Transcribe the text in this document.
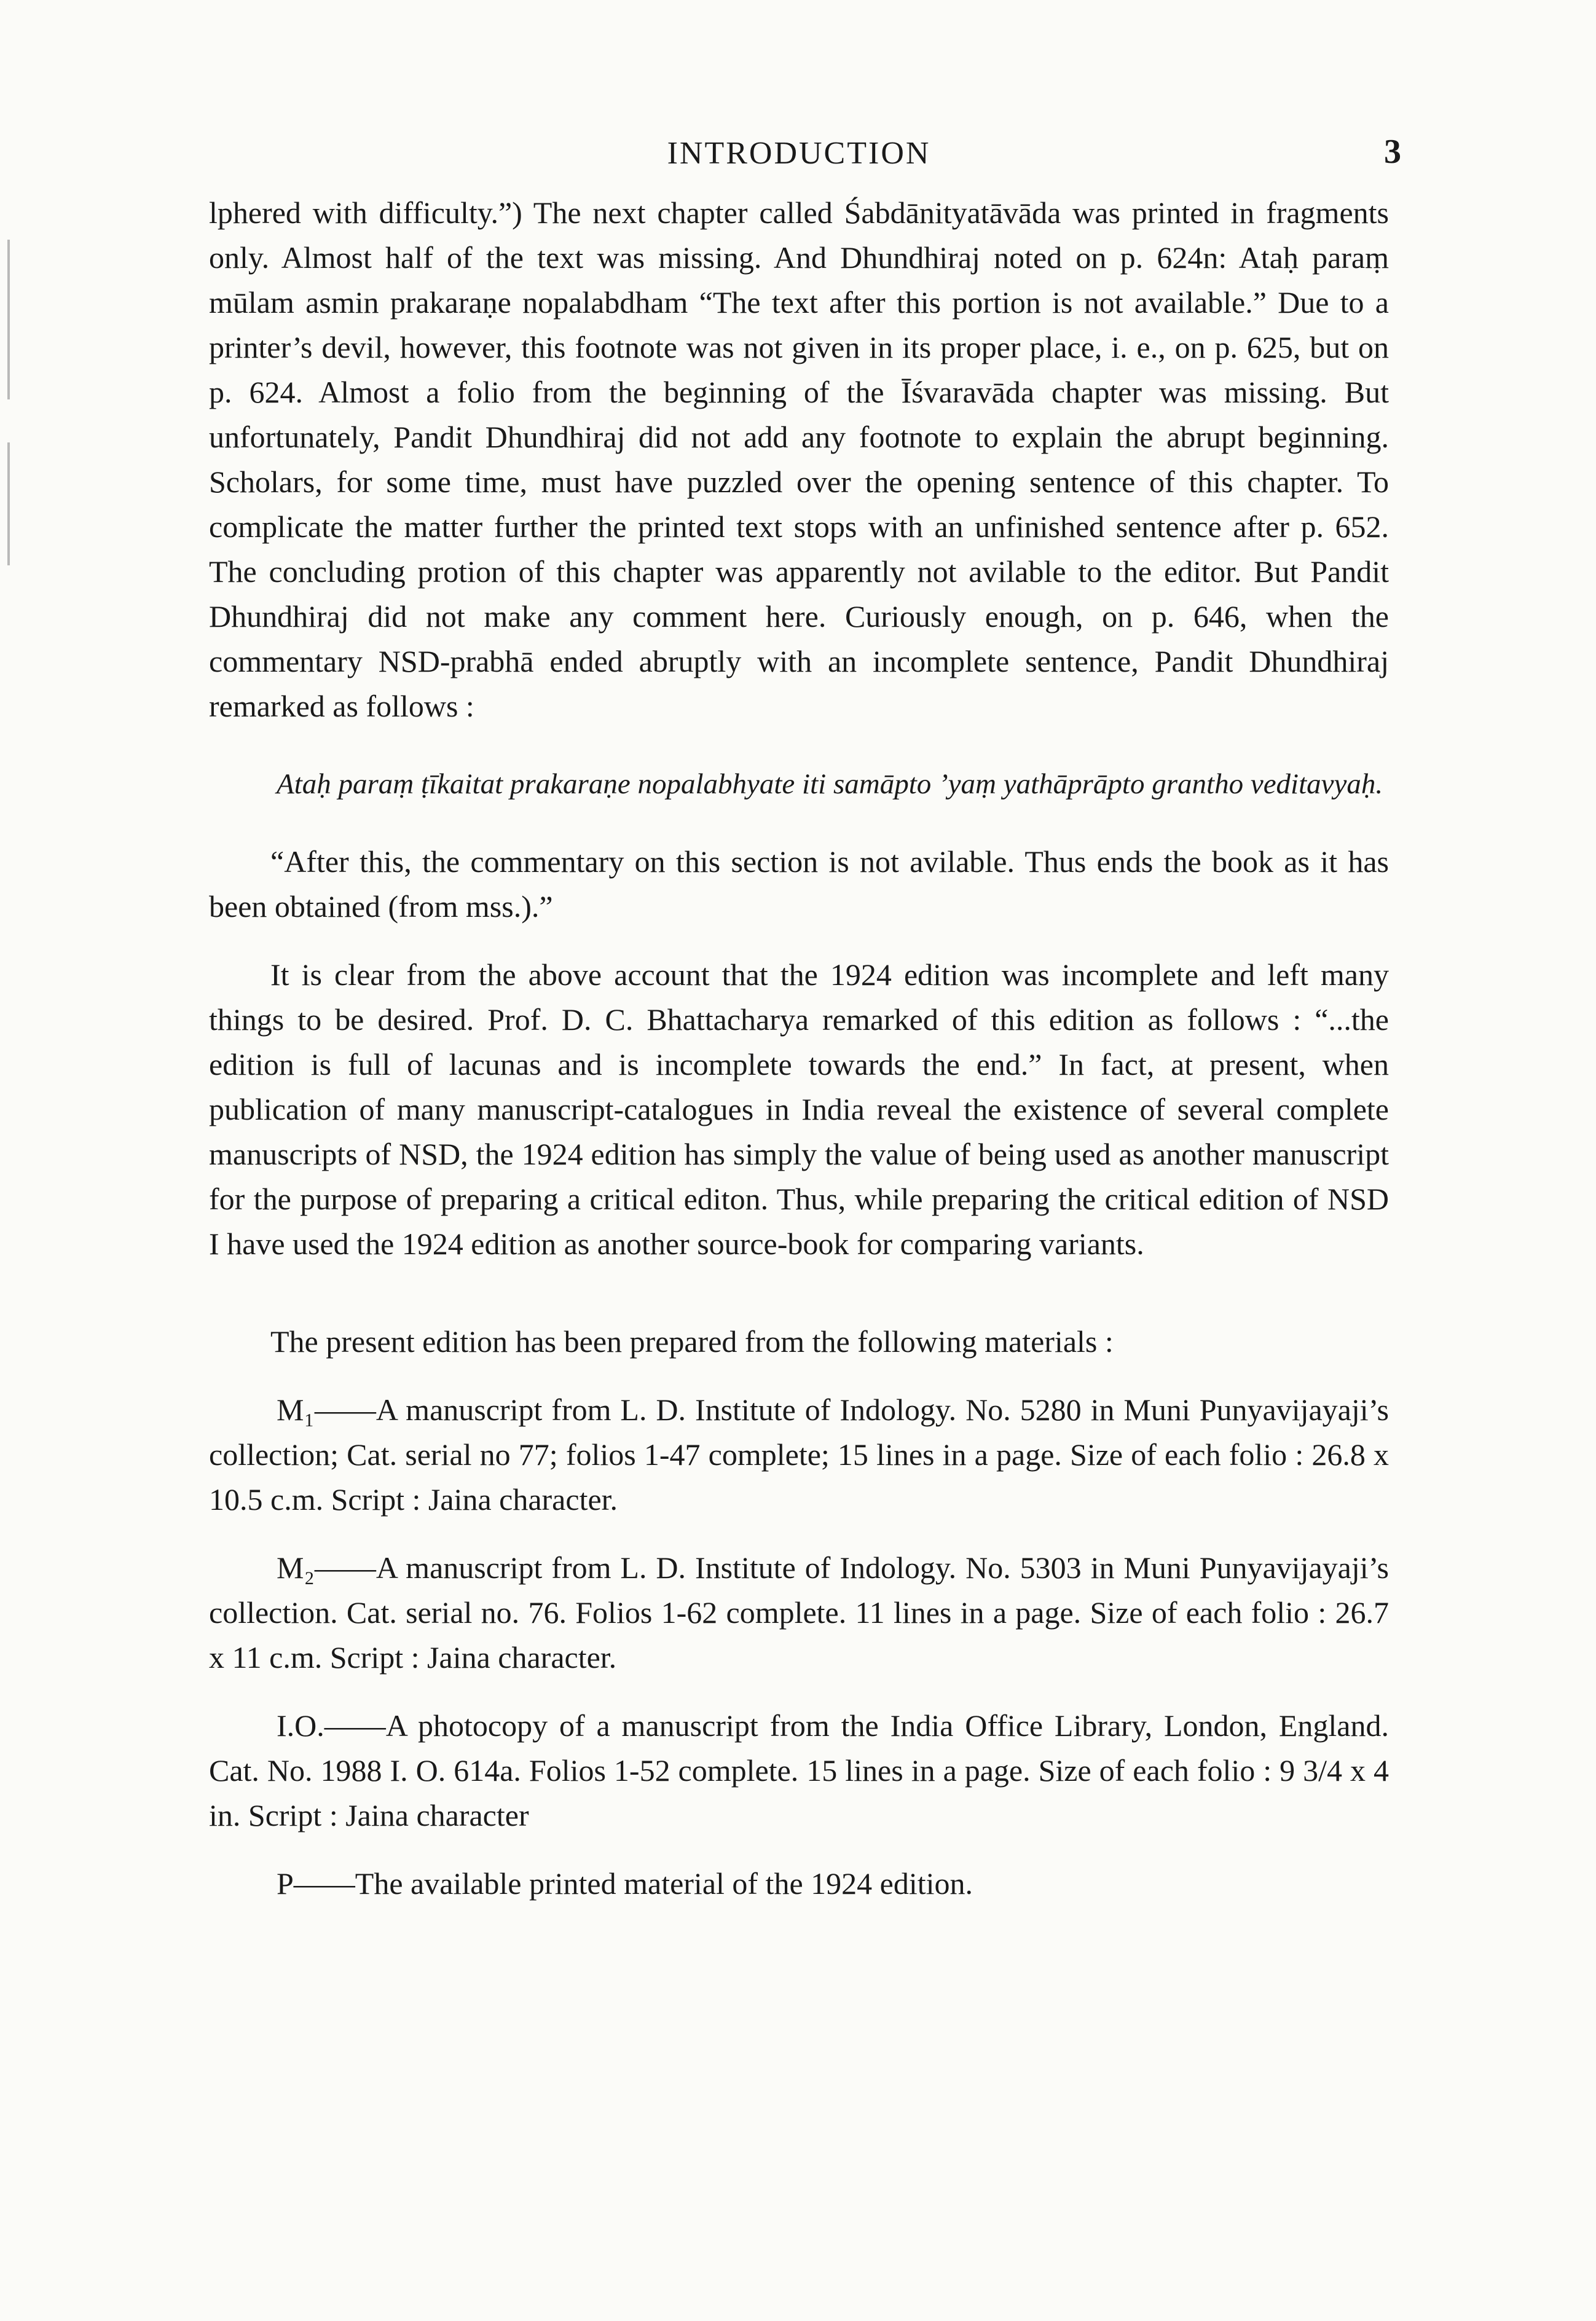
INTRODUCTION	3

lphered with difficulty.”) The next chapter called Śabdānityatāvāda was printed in fragments only. Almost half of the text was missing. And Dhundhiraj noted on p. 624n: Ataḥ paraṃ mūlam asmin prakaraṇe nopalabdham “The text after this portion is not available.” Due to a printer’s devil, however, this footnote was not given in its proper place, i. e., on p. 625, but on p. 624. Almost a folio from the beginning of the Īśvaravāda chapter was missing. But unfortunately, Pandit Dhundhiraj did not add any footnote to explain the abrupt beginning. Scholars, for some time, must have puzzled over the opening sentence of this chapter. To complicate the matter further the printed text stops with an unfinished sentence after p. 652. The concluding protion of this chapter was apparently not avilable to the editor. But Pandit Dhundhiraj did not make any comment here. Curiously enough, on p. 646, when the commentary NSD-prabhā ended abruptly with an incomplete sentence, Pandit Dhundhiraj remarked as follows :

Ataḥ paraṃ ṭīkaitat prakaraṇe nopalabhyate iti samāpto ’yaṃ yathāprāpto grantho veditavyaḥ.

“After this, the commentary on this section is not avilable. Thus ends the book as it has been obtained (from mss.).”

It is clear from the above account that the 1924 edition was incomplete and left many things to be desired. Prof. D. C. Bhattacharya remarked of this edition as follows : “...the edition is full of lacunas and is incomplete towards the end.” In fact, at present, when publication of many manuscript-catalogues in India reveal the existence of several complete manuscripts of NSD, the 1924 edition has simply the value of being used as another manuscript for the purpose of preparing a critical editon. Thus, while preparing the critical edition of NSD I have used the 1924 edition as another source-book for comparing variants.

The present edition has been prepared from the following materials :

M₁——A manuscript from L. D. Institute of Indology. No. 5280 in Muni Punyavijayaji’s collection; Cat. serial no 77; folios 1-47 complete; 15 lines in a page. Size of each folio : 26.8 x 10.5 c.m. Script : Jaina character.

M₂——A manuscript from L. D. Institute of Indology. No. 5303 in Muni Punyavijayaji’s collection. Cat. serial no. 76. Folios 1-62 complete. 11 lines in a page. Size of each folio : 26.7 x 11 c.m. Script : Jaina character.

I.O.——A photocopy of a manuscript from the India Office Library, London, England. Cat. No. 1988 I. O. 614a. Folios 1-52 complete. 15 lines in a page. Size of each folio : 9 3/4 x 4 in. Script : Jaina character

P——The available printed material of the 1924 edition.
